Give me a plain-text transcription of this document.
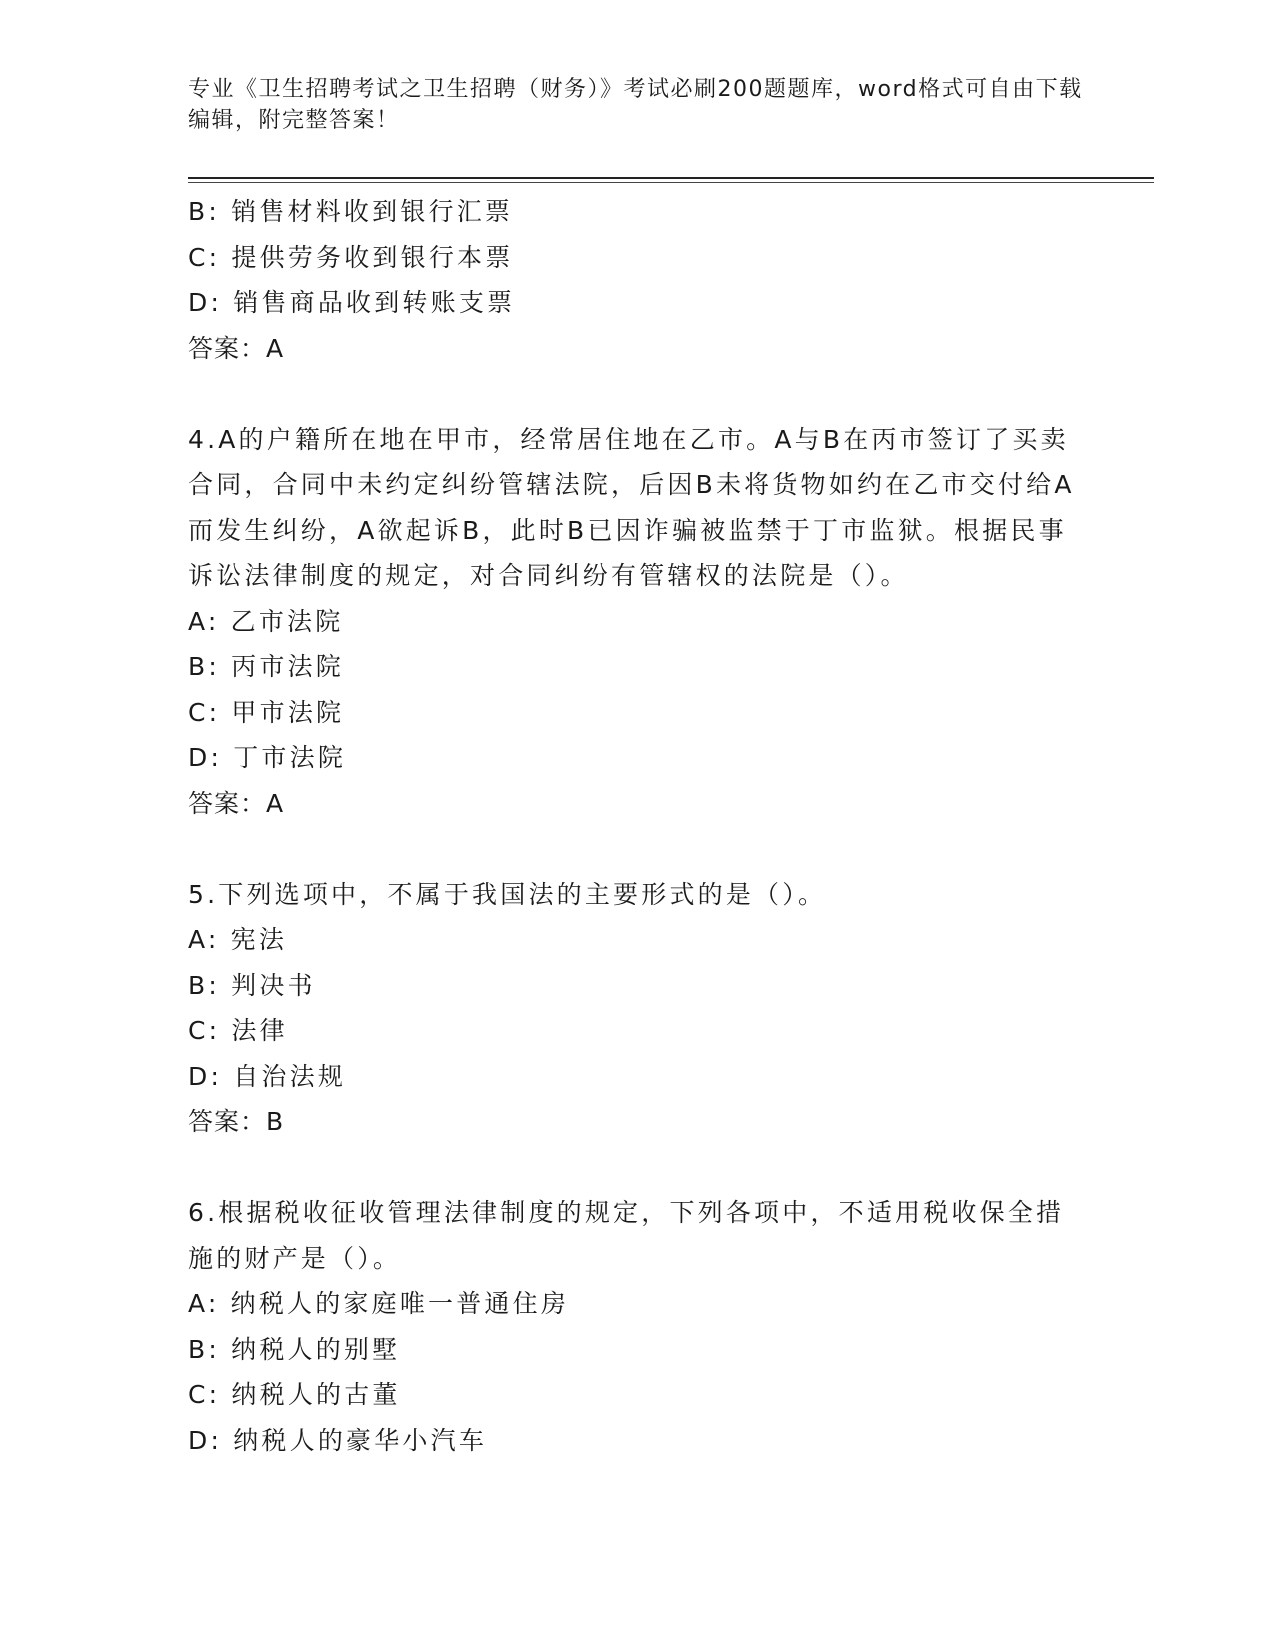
专业《卫生招聘考试之卫生招聘（财务）》考试必刷200题题库，word格式可自由下载编辑，附完整答案！
B: 销售材料收到银行汇票
C: 提供劳务收到银行本票
D: 销售商品收到转账支票
答案：A
4.A的户籍所在地在甲市，经常居住地在乙市。A与B在丙市签订了买卖合同，合同中未约定纠纷管辖法院，后因B未将货物如约在乙市交付给A而发生纠纷，A欲起诉B，此时B已因诈骗被监禁于丁市监狱。根据民事诉讼法律制度的规定，对合同纠纷有管辖权的法院是（）。
A: 乙市法院
B: 丙市法院
C: 甲市法院
D: 丁市法院
答案：A
5.下列选项中，不属于我国法的主要形式的是（）。
A: 宪法
B: 判决书
C: 法律
D: 自治法规
答案：B
6.根据税收征收管理法律制度的规定，下列各项中，不适用税收保全措施的财产是（）。
A: 纳税人的家庭唯一普通住房
B: 纳税人的别墅
C: 纳税人的古董
D: 纳税人的豪华小汽车
